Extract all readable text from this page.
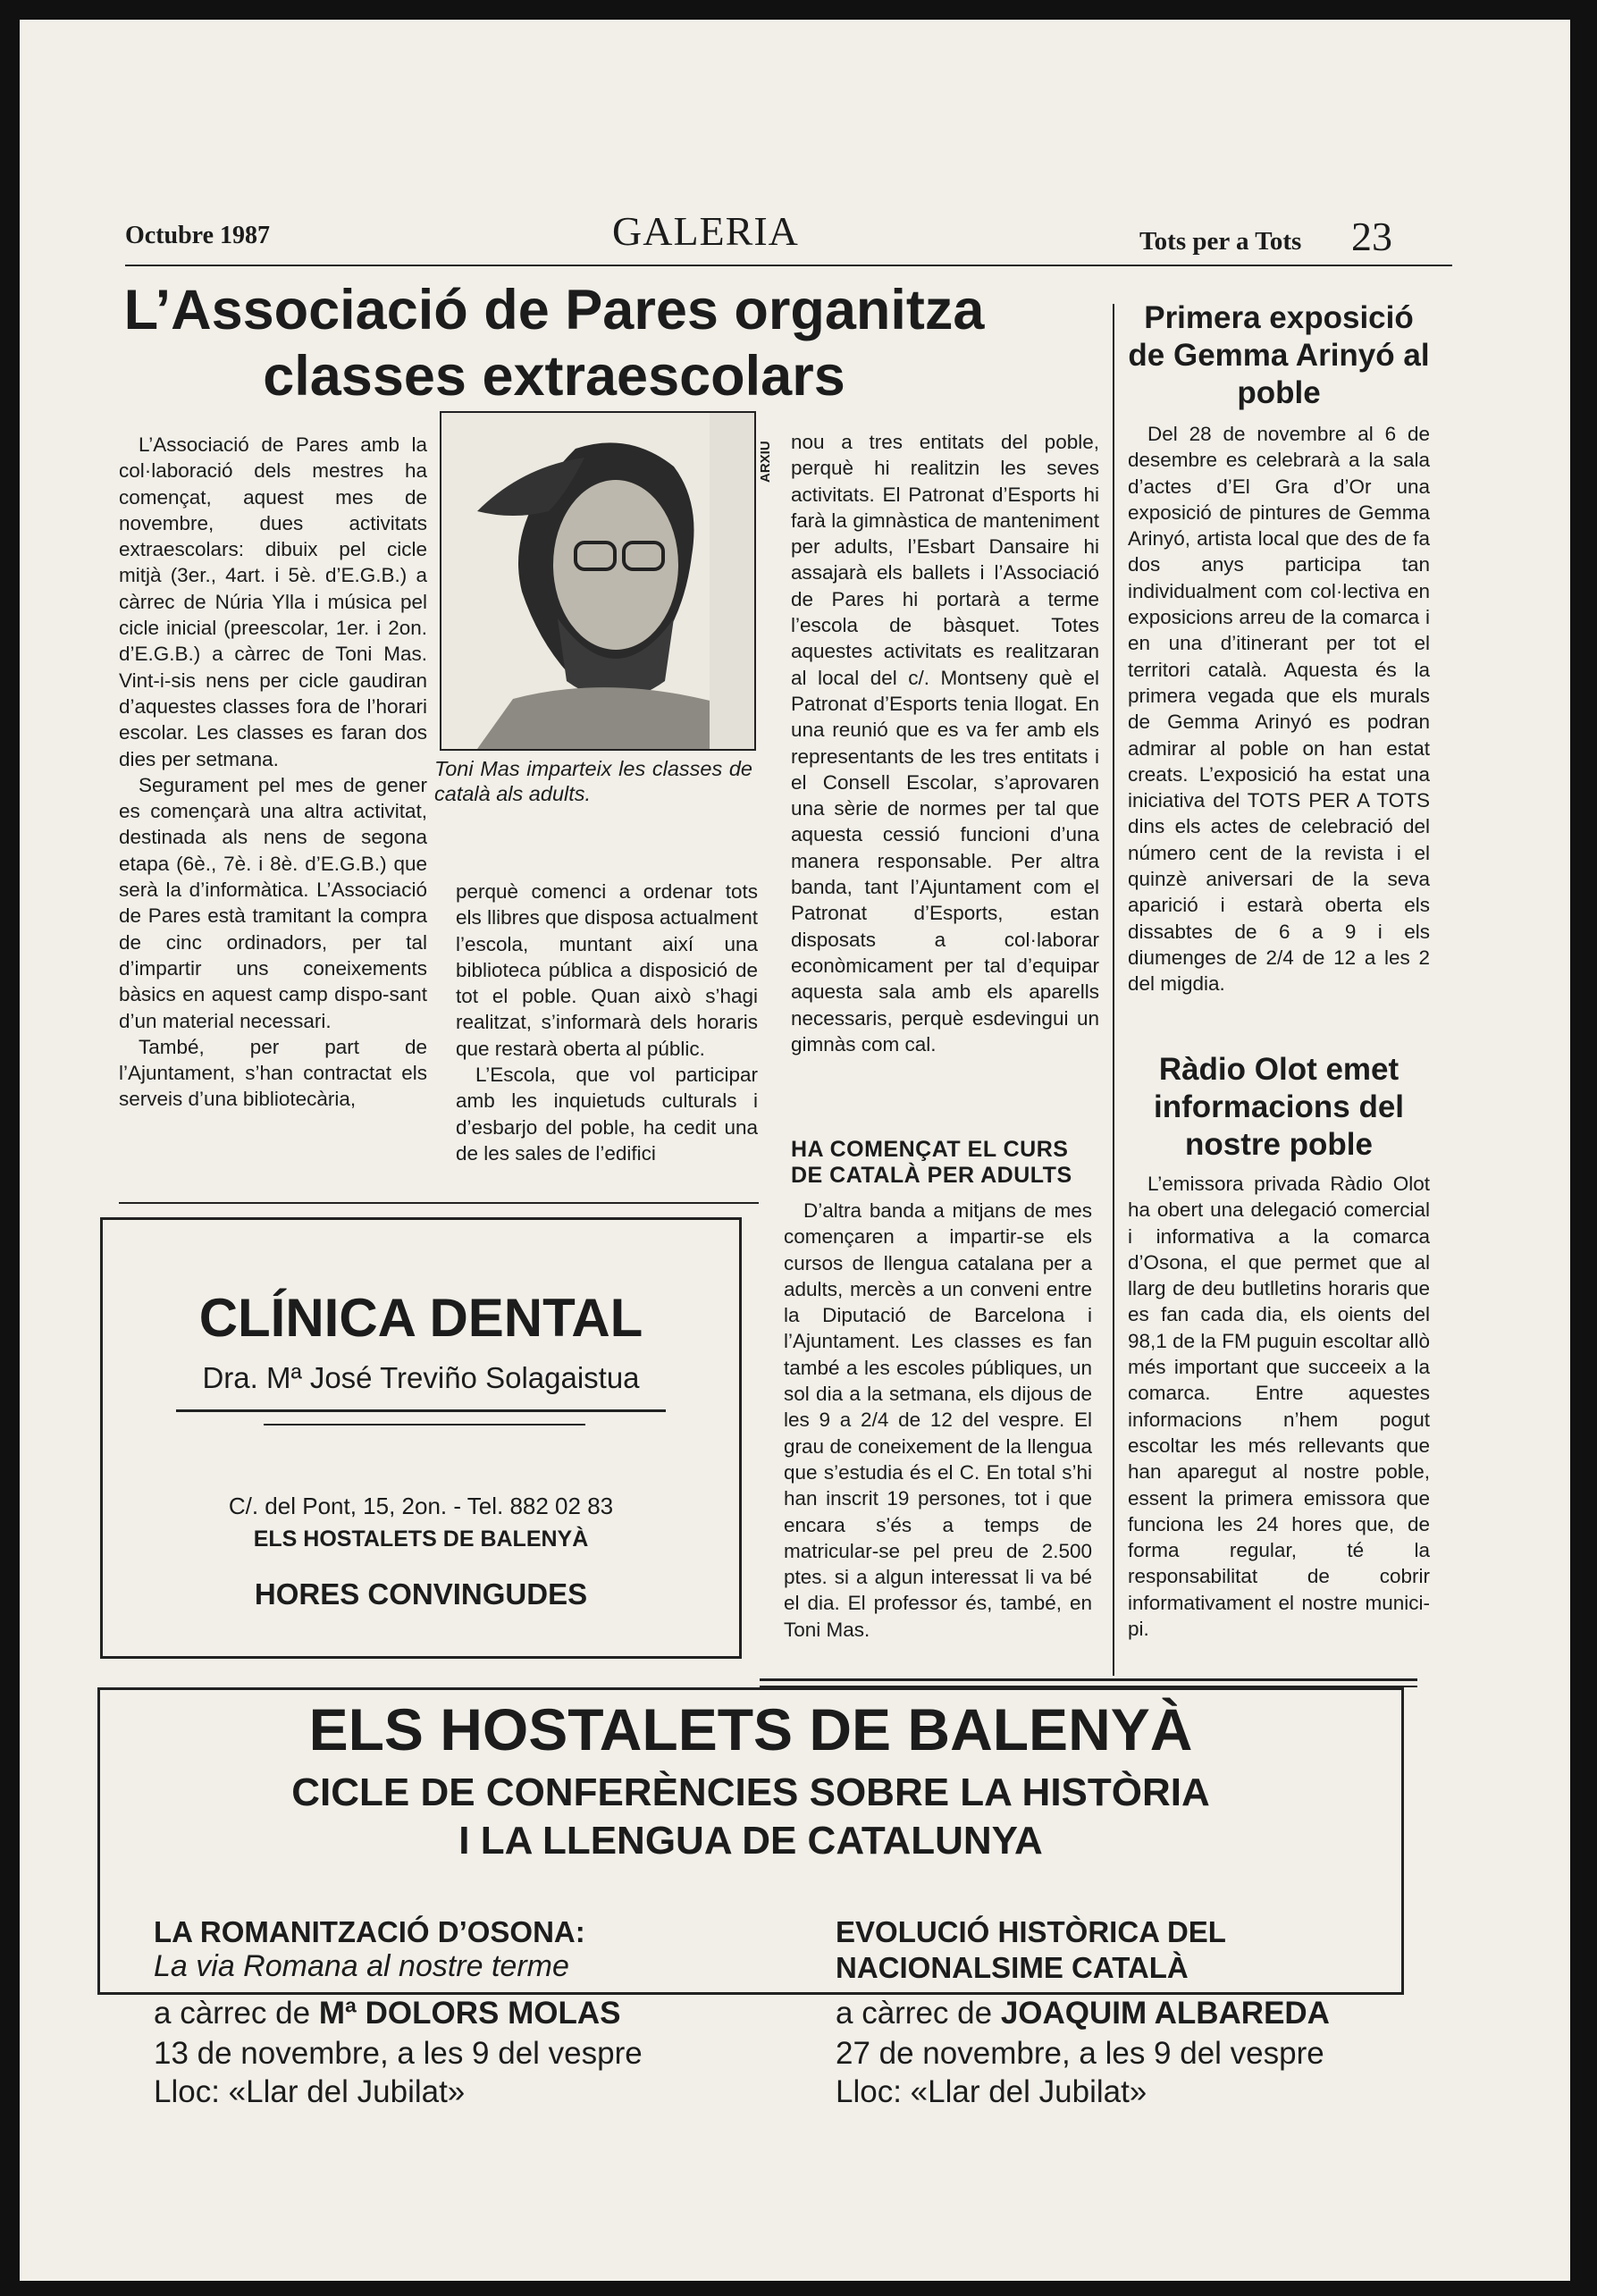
Octubre 1987	GALERIA	Tots per a Tots 23
L’Associació de Pares organitza classes extraescolars

L’Associació de Pares amb la col·laboració dels mestres ha començat, aquest mes de novembre, dues activitats extraescolars: dibuix pel cicle mitjà (3er., 4art. i 5è. d’E.G.B.) a càrrec de Núria Ylla i música pel cicle inicial (preescolar, 1er. i 2on. d’E.G.B.) a càrrec de Toni Mas. Vint-i-sis nens per cicle gaudiran d’aquestes classes fora de l’horari escolar. Les classes es faran dos dies per setmana.

Segurament pel mes de gener es començarà una altra activitat, destinada als nens de segona etapa (6è., 7è. i 8è. d’E.G.B.) que serà la d’informàtica. L’Associació de Pares està tramitant la compra de cinc ordinadors, per tal d’impartir uns coneixements bàsics en aquest camp dispo-sant d’un material necessari.

També, per part de l’Ajuntament, s’han contractat els serveis d’una bibliotecària,

ARXIU
Toni Mas imparteix les classes de català als adults.

perquè comenci a ordenar tots els llibres que disposa actualment l’escola, muntant així una biblioteca pública a disposició de tot el poble. Quan això s’hagi realitzat, s’informarà dels horaris que restarà oberta al públic.

L’Escola, que vol participar amb les inquietuds culturals i d’esbarjo del poble, ha cedit una de les sales de l’edifici

nou a tres entitats del poble, perquè hi realitzin les seves activitats. El Patronat d’Esports hi farà la gimnàstica de manteniment per adults, l’Esbart Dansaire hi assajarà els ballets i l’Associació de Pares hi portarà a terme l’escola de bàsquet. Totes aquestes activitats es realitzaran al local del c/. Montseny què el Patronat d’Esports tenia llogat. En una reunió que es va fer amb els representants de les tres entitats i el Consell Escolar, s’aprovaren una sèrie de normes per tal que aquesta cessió funcioni d’una manera responsable. Per altra banda, tant l’Ajuntament com el Patronat d’Esports, estan disposats a col·laborar econòmicament per tal d’equipar aquesta sala amb els aparells necessaris, perquè esdevingui un gimnàs com cal.

HA COMENÇAT EL CURS DE CATALÀ PER ADULTS

D’altra banda a mitjans de mes començaren a impartir-se els cursos de llengua catalana per a adults, mercès a un conveni entre la Diputació de Barcelona i l’Ajuntament. Les classes es fan també a les escoles públiques, un sol dia a la setmana, els dijous de les 9 a 2/4 de 12 del vespre. El grau de coneixement de la llengua que s’estudia és el C. En total s’hi han inscrit 19 persones, tot i que encara s’és a temps de matricular-se pel preu de 2.500 ptes. si a algun interessat li va bé el dia. El professor és, també, en Toni Mas.

Primera exposició de Gemma Arinyó al poble

Del 28 de novembre al 6 de desembre es celebrarà a la sala d’actes d’El Gra d’Or una exposició de pintures de Gemma Arinyó, artista local que des de fa dos anys participa tan individualment com col·lectiva en exposicions arreu de la comarca i en una d’itinerant per tot el territori català. Aquesta és la primera vegada que els murals de Gemma Arinyó es podran admirar al poble on han estat creats. L’exposició ha estat una iniciativa del TOTS PER A TOTS dins els actes de celebració del número cent de la revista i el quinzè aniversari de la seva aparició i estarà oberta els dissabtes de 6 a 9 i els diumenges de 2/4 de 12 a les 2 del migdia.

Ràdio Olot emet informacions del nostre poble

L’emissora privada Ràdio Olot ha obert una delegació comercial i informativa a la comarca d’Osona, el que permet que al llarg de deu butlletins horaris que es fan cada dia, els oients del 98,1 de la FM puguin escoltar allò més important que succeeix a la comarca. Entre aquestes informacions n’hem pogut escoltar les més rellevants que han aparegut al nostre poble, essent la primera emissora que funciona les 24 hores que, de forma regular, té la responsabilitat de cobrir informativament el nostre munici-pi.

CLÍNICA DENTAL
Dra. Mª José Treviño Solagaistua
C/. del Pont, 15, 2on. - Tel. 882 02 83
ELS HOSTALETS DE BALENYÀ
HORES CONVINGUDES
ELS HOSTALETS DE BALENYÀ
CICLE DE CONFERÈNCIES SOBRE LA HISTÒRIA
I LA LLENGUA DE CATALUNYA
LA ROMANITZACIÓ D’OSONA:
La via Romana al nostre terme
a càrrec de Mª DOLORS MOLAS
13 de novembre, a les 9 del vespre
Lloc: «Llar del Jubilat»
EVOLUCIÓ HISTÒRICA DEL
NACIONALSIME CATALÀ
a càrrec de JOAQUIM ALBAREDA
27 de novembre, a les 9 del vespre
Lloc: «Llar del Jubilat»
